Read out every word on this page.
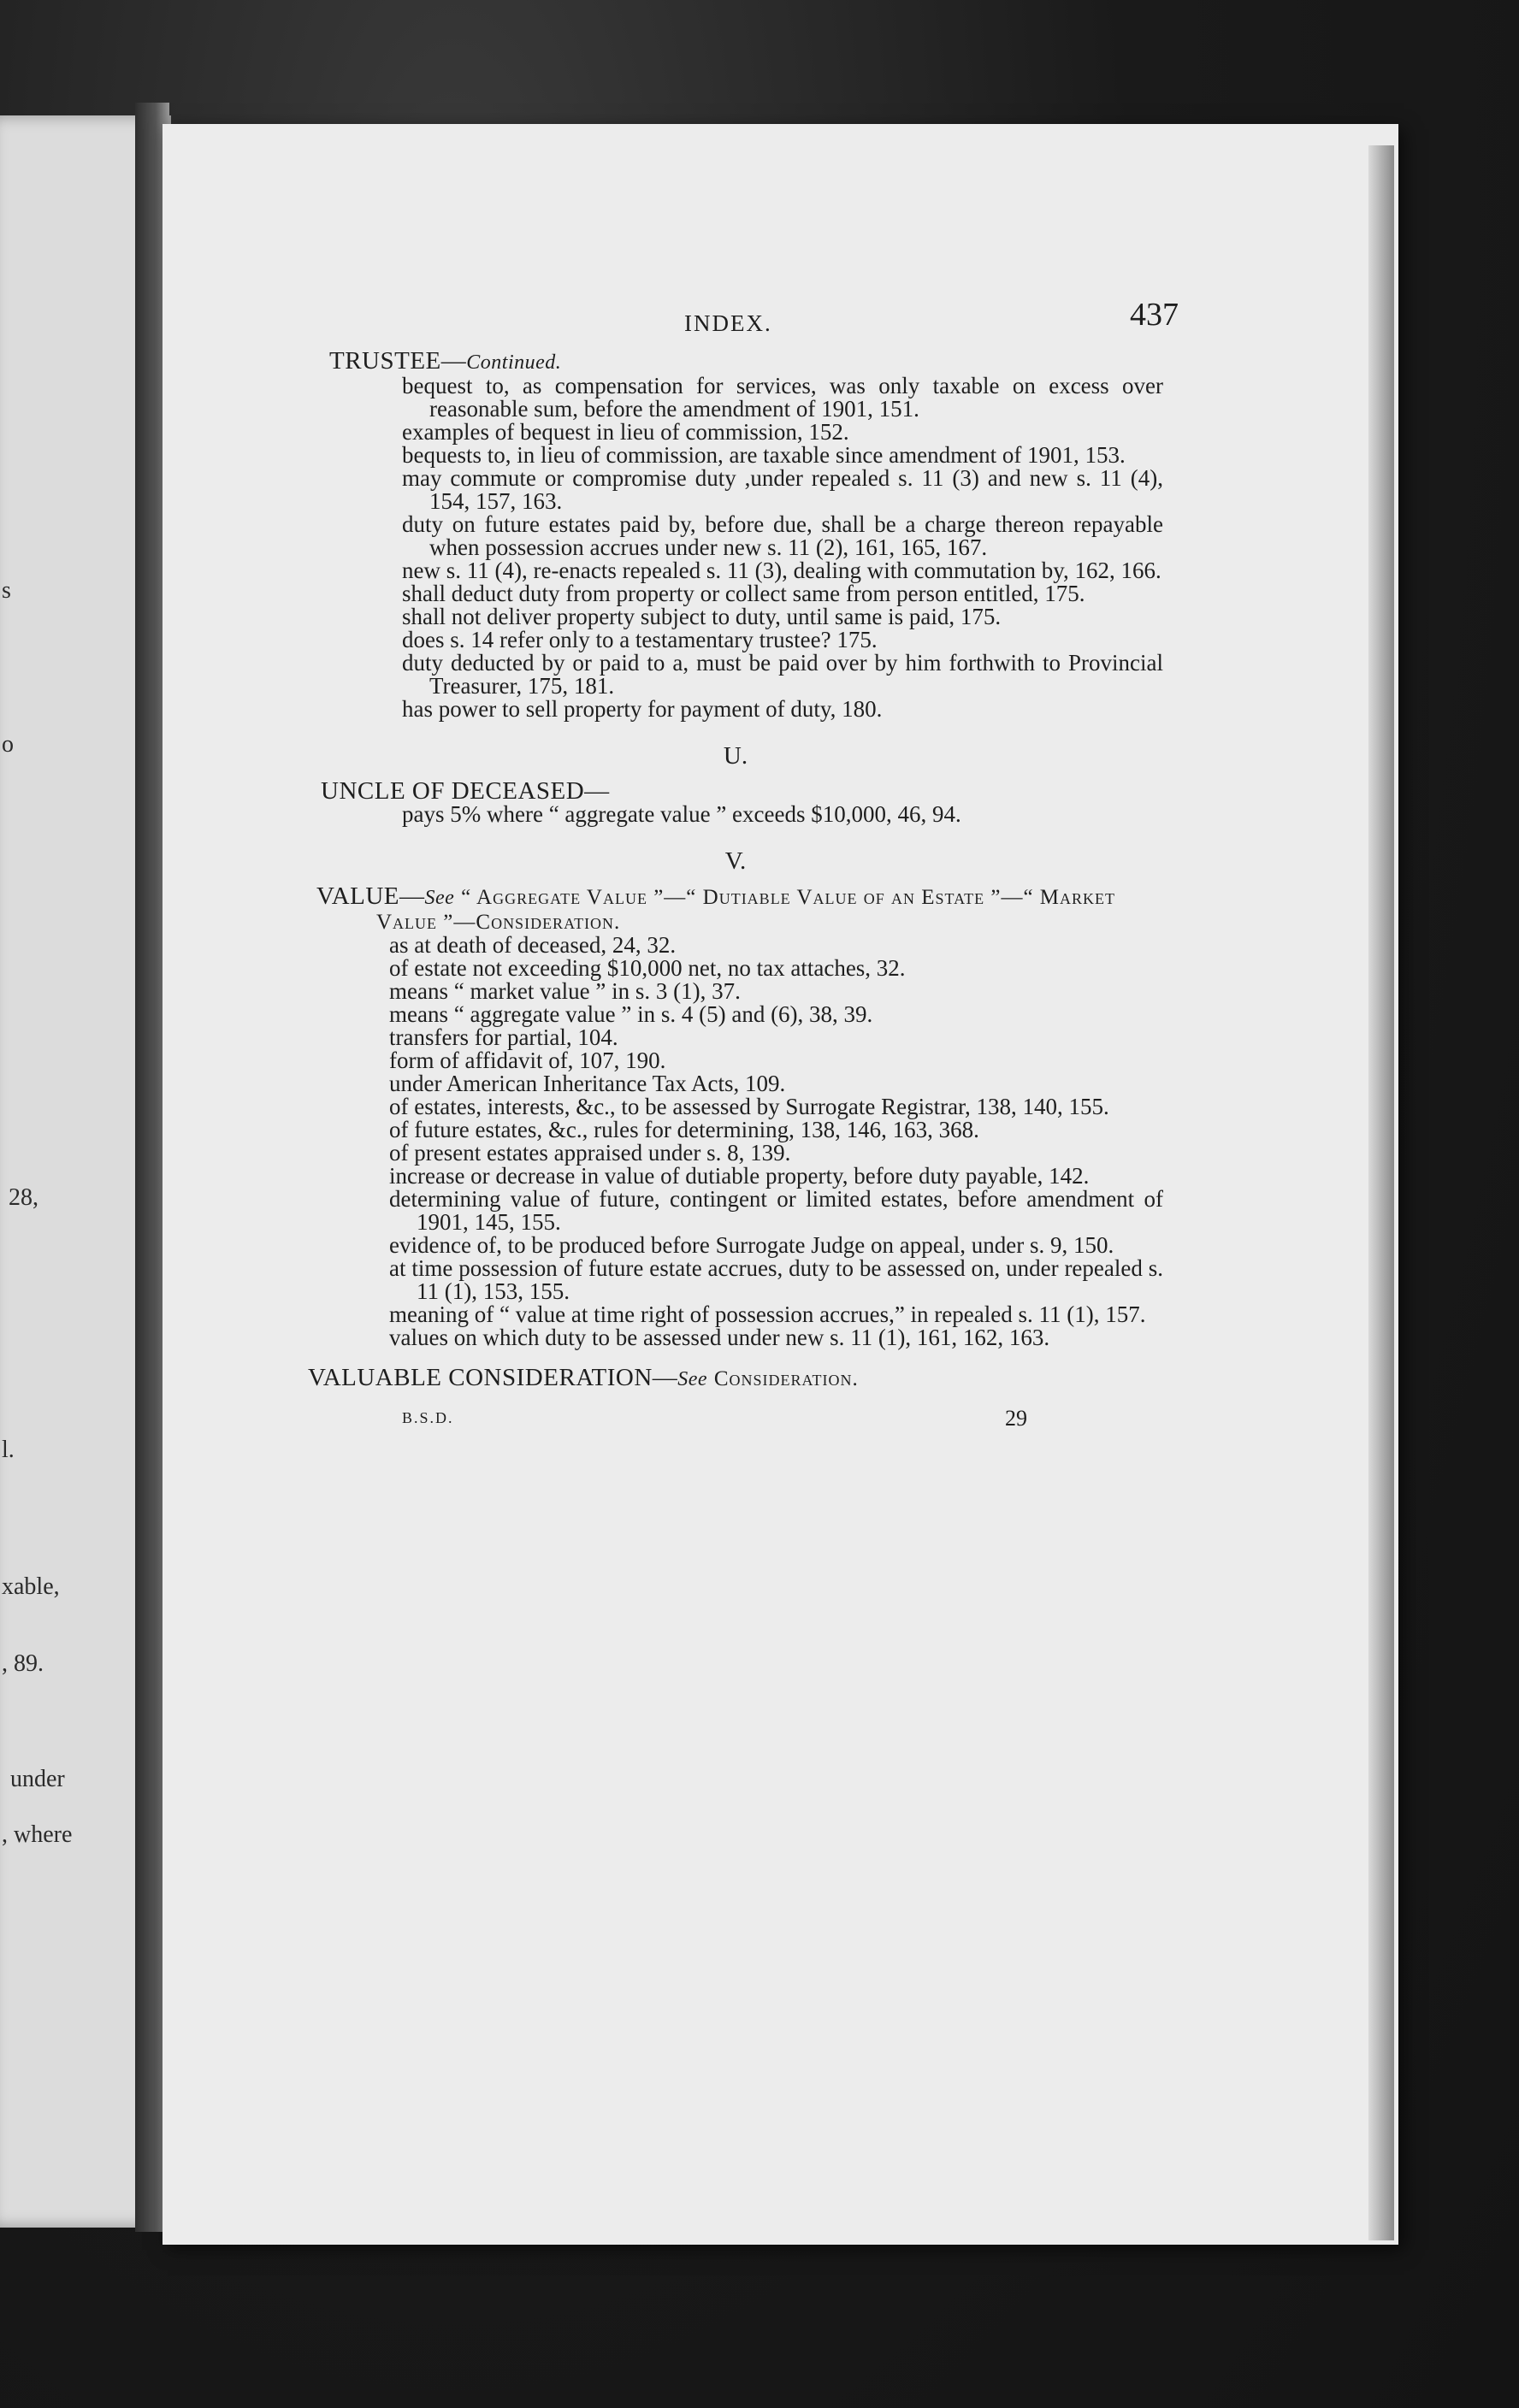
s
o
28,
l.
xable,
, 89.
under
, where
INDEX.	437
TRUSTEE—Continued.
bequest to, as compensation for services, was only taxable on excess over reasonable sum, before the amendment of 1901, 151.
examples of bequest in lieu of commission, 152.
bequests to, in lieu of commission, are taxable since amendment of 1901, 153.
may commute or compromise duty ,under repealed s. 11 (3) and new s. 11 (4), 154, 157, 163.
duty on future estates paid by, before due, shall be a charge thereon repayable when possession accrues under new s. 11 (2), 161, 165, 167.
new s. 11 (4), re-enacts repealed s. 11 (3), dealing with commutation by, 162, 166.
shall deduct duty from property or collect same from person entitled, 175.
shall not deliver property subject to duty, until same is paid, 175.
does s. 14 refer only to a testamentary trustee? 175.
duty deducted by or paid to a, must be paid over by him forthwith to Provincial Treasurer, 175, 181.
has power to sell property for payment of duty, 180.
U.
UNCLE OF DECEASED—
pays 5% where “ aggregate value ” exceeds $10,000, 46, 94.
V.
VALUE—See “ Aggregate Value ”—“ Dutiable Value of an Estate ”—“ Market Value ”—Consideration.
as at death of deceased, 24, 32.
of estate not exceeding $10,000 net, no tax attaches, 32.
means “ market value ” in s. 3 (1), 37.
means “ aggregate value ” in s. 4 (5) and (6), 38, 39.
transfers for partial, 104.
form of affidavit of, 107, 190.
under American Inheritance Tax Acts, 109.
of estates, interests, &c., to be assessed by Surrogate Registrar, 138, 140, 155.
of future estates, &c., rules for determining, 138, 146, 163, 368.
of present estates appraised under s. 8, 139.
increase or decrease in value of dutiable property, before duty payable, 142.
determining value of future, contingent or limited estates, before amendment of 1901, 145, 155.
evidence of, to be produced before Surrogate Judge on appeal, under s. 9, 150.
at time possession of future estate accrues, duty to be assessed on, under repealed s. 11 (1), 153, 155.
meaning of “ value at time right of possession accrues,” in repealed s. 11 (1), 157.
values on which duty to be assessed under new s. 11 (1), 161, 162, 163.
VALUABLE CONSIDERATION—See Consideration.
B.S.D.	29
